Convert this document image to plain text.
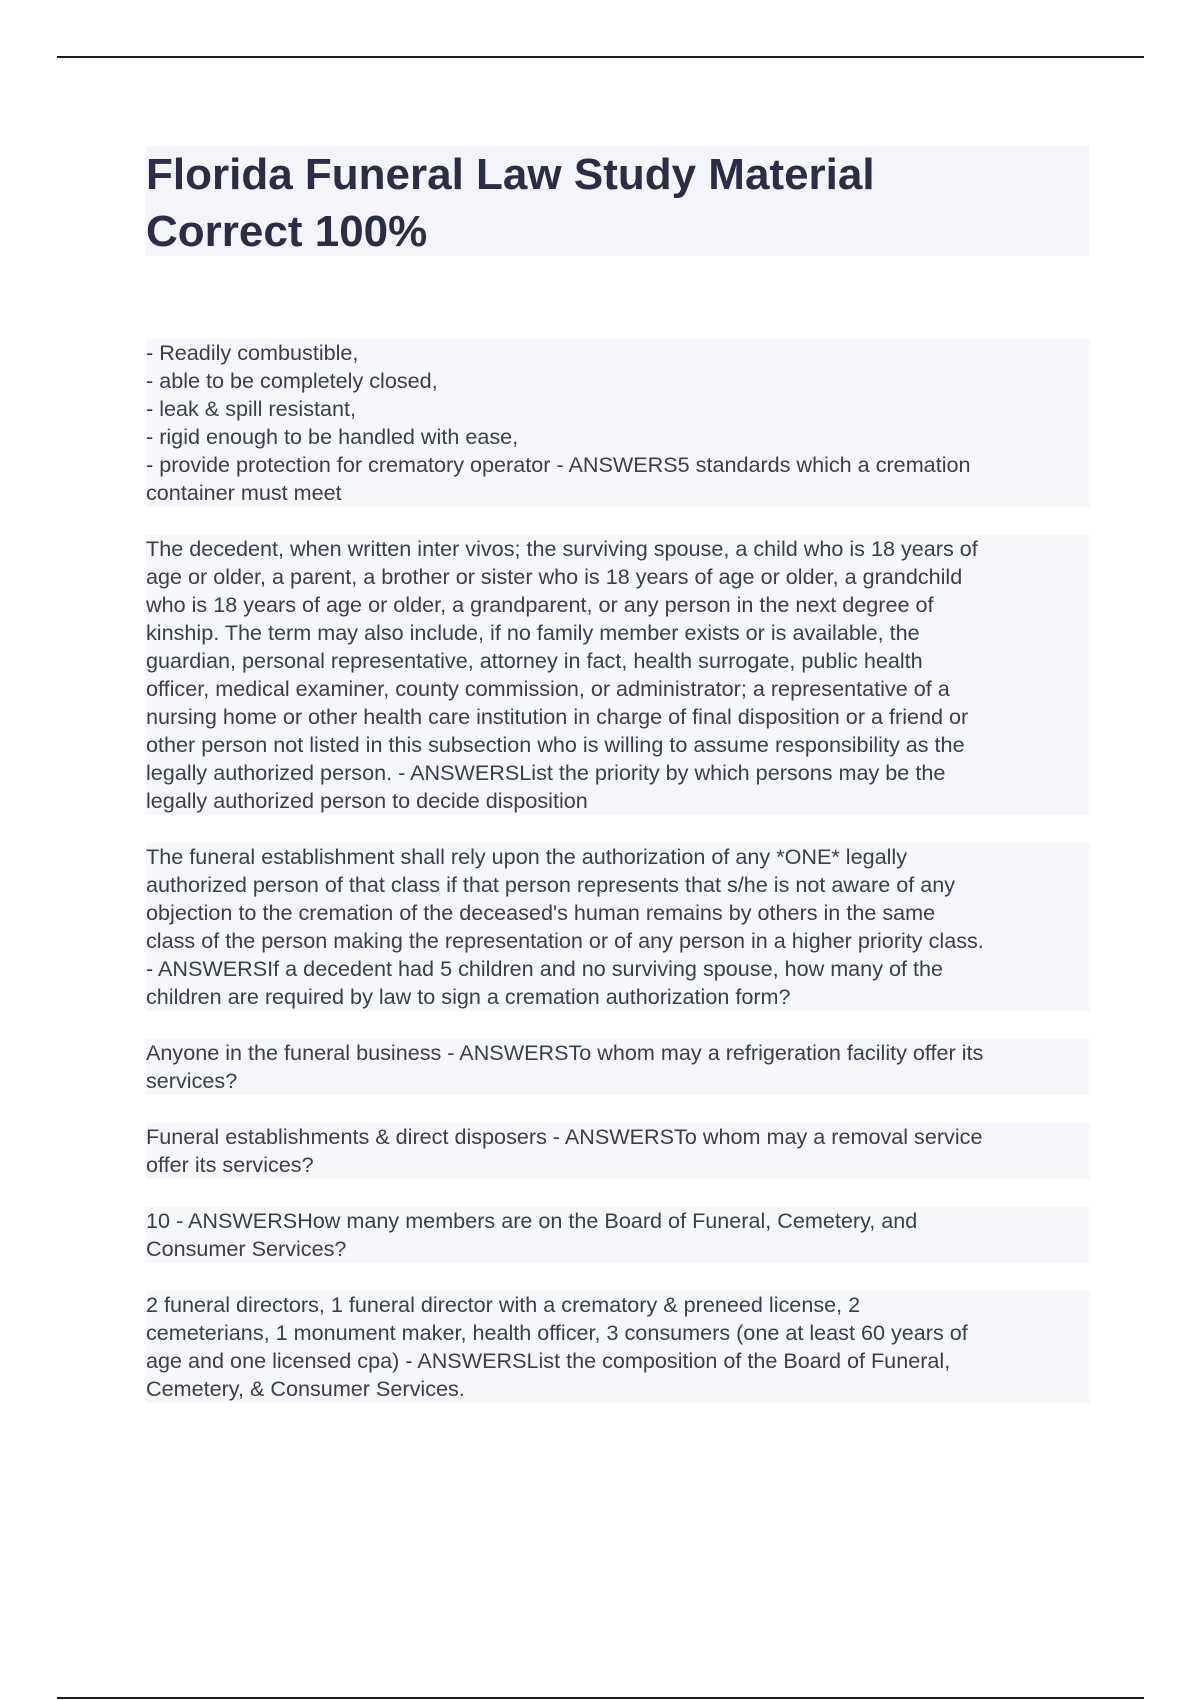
Florida Funeral Law Study Material
Correct 100%
- Readily combustible,
- able to be completely closed,
- leak & spill resistant,
- rigid enough to be handled with ease,
- provide protection for crematory operator - ANSWERS5 standards which a cremation
container must meet
The decedent, when written inter vivos; the surviving spouse, a child who is 18 years of
age or older, a parent, a brother or sister who is 18 years of age or older, a grandchild
who is 18 years of age or older, a grandparent, or any person in the next degree of
kinship. The term may also include, if no family member exists or is available, the
guardian, personal representative, attorney in fact, health surrogate, public health
officer, medical examiner, county commission, or administrator; a representative of a
nursing home or other health care institution in charge of final disposition or a friend or
other person not listed in this subsection who is willing to assume responsibility as the
legally authorized person. - ANSWERSList the priority by which persons may be the
legally authorized person to decide disposition
The funeral establishment shall rely upon the authorization of any *ONE* legally
authorized person of that class if that person represents that s/he is not aware of any
objection to the cremation of the deceased's human remains by others in the same
class of the person making the representation or of any person in a higher priority class.
- ANSWERSIf a decedent had 5 children and no surviving spouse, how many of the
children are required by law to sign a cremation authorization form?
Anyone in the funeral business - ANSWERSTo whom may a refrigeration facility offer its
services?
Funeral establishments & direct disposers - ANSWERSTo whom may a removal service
offer its services?
10 - ANSWERSHow many members are on the Board of Funeral, Cemetery, and
Consumer Services?
2 funeral directors, 1 funeral director with a crematory & preneed license, 2
cemeterians, 1 monument maker, health officer, 3 consumers (one at least 60 years of
age and one licensed cpa) - ANSWERSList the composition of the Board of Funeral,
Cemetery, & Consumer Services.
